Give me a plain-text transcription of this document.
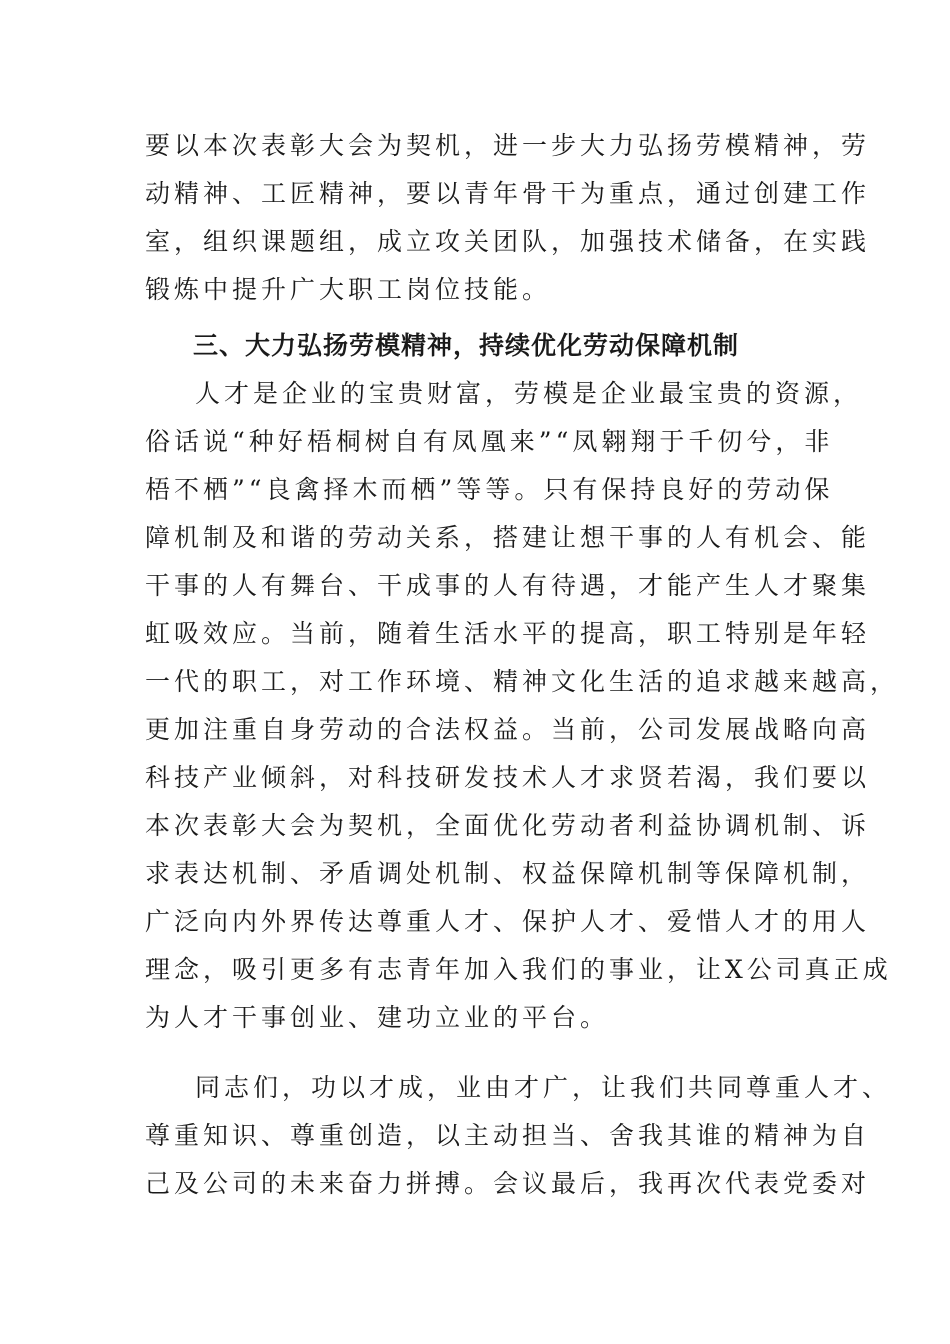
要以本次表彰大会为契机，进一步大力弘扬劳模精神，劳
动精神、工匠精神，要以青年骨干为重点，通过创建工作
室，组织课题组，成立攻关团队，加强技术储备，在实践
锻炼中提升广大职工岗位技能。
三、大力弘扬劳模精神，持续优化劳动保障机制
人才是企业的宝贵财富，劳模是企业最宝贵的资源，
俗话说“种好梧桐树自有凤凰来”“凤翱翔于千仞兮，非
梧不栖”“良禽择木而栖”等等。只有保持良好的劳动保
障机制及和谐的劳动关系，搭建让想干事的人有机会、能
干事的人有舞台、干成事的人有待遇，才能产生人才聚集
虹吸效应。当前，随着生活水平的提高，职工特别是年轻
一代的职工，对工作环境、精神文化生活的追求越来越高，
更加注重自身劳动的合法权益。当前，公司发展战略向高
科技产业倾斜，对科技研发技术人才求贤若渴，我们要以
本次表彰大会为契机，全面优化劳动者利益协调机制、诉
求表达机制、矛盾调处机制、权益保障机制等保障机制，
广泛向内外界传达尊重人才、保护人才、爱惜人才的用人
理念，吸引更多有志青年加入我们的事业，让X公司真正成
为人才干事创业、建功立业的平台。
同志们，功以才成，业由才广，让我们共同尊重人才、
尊重知识、尊重创造，以主动担当、舍我其谁的精神为自
己及公司的未来奋力拼搏。会议最后，我再次代表党委对
